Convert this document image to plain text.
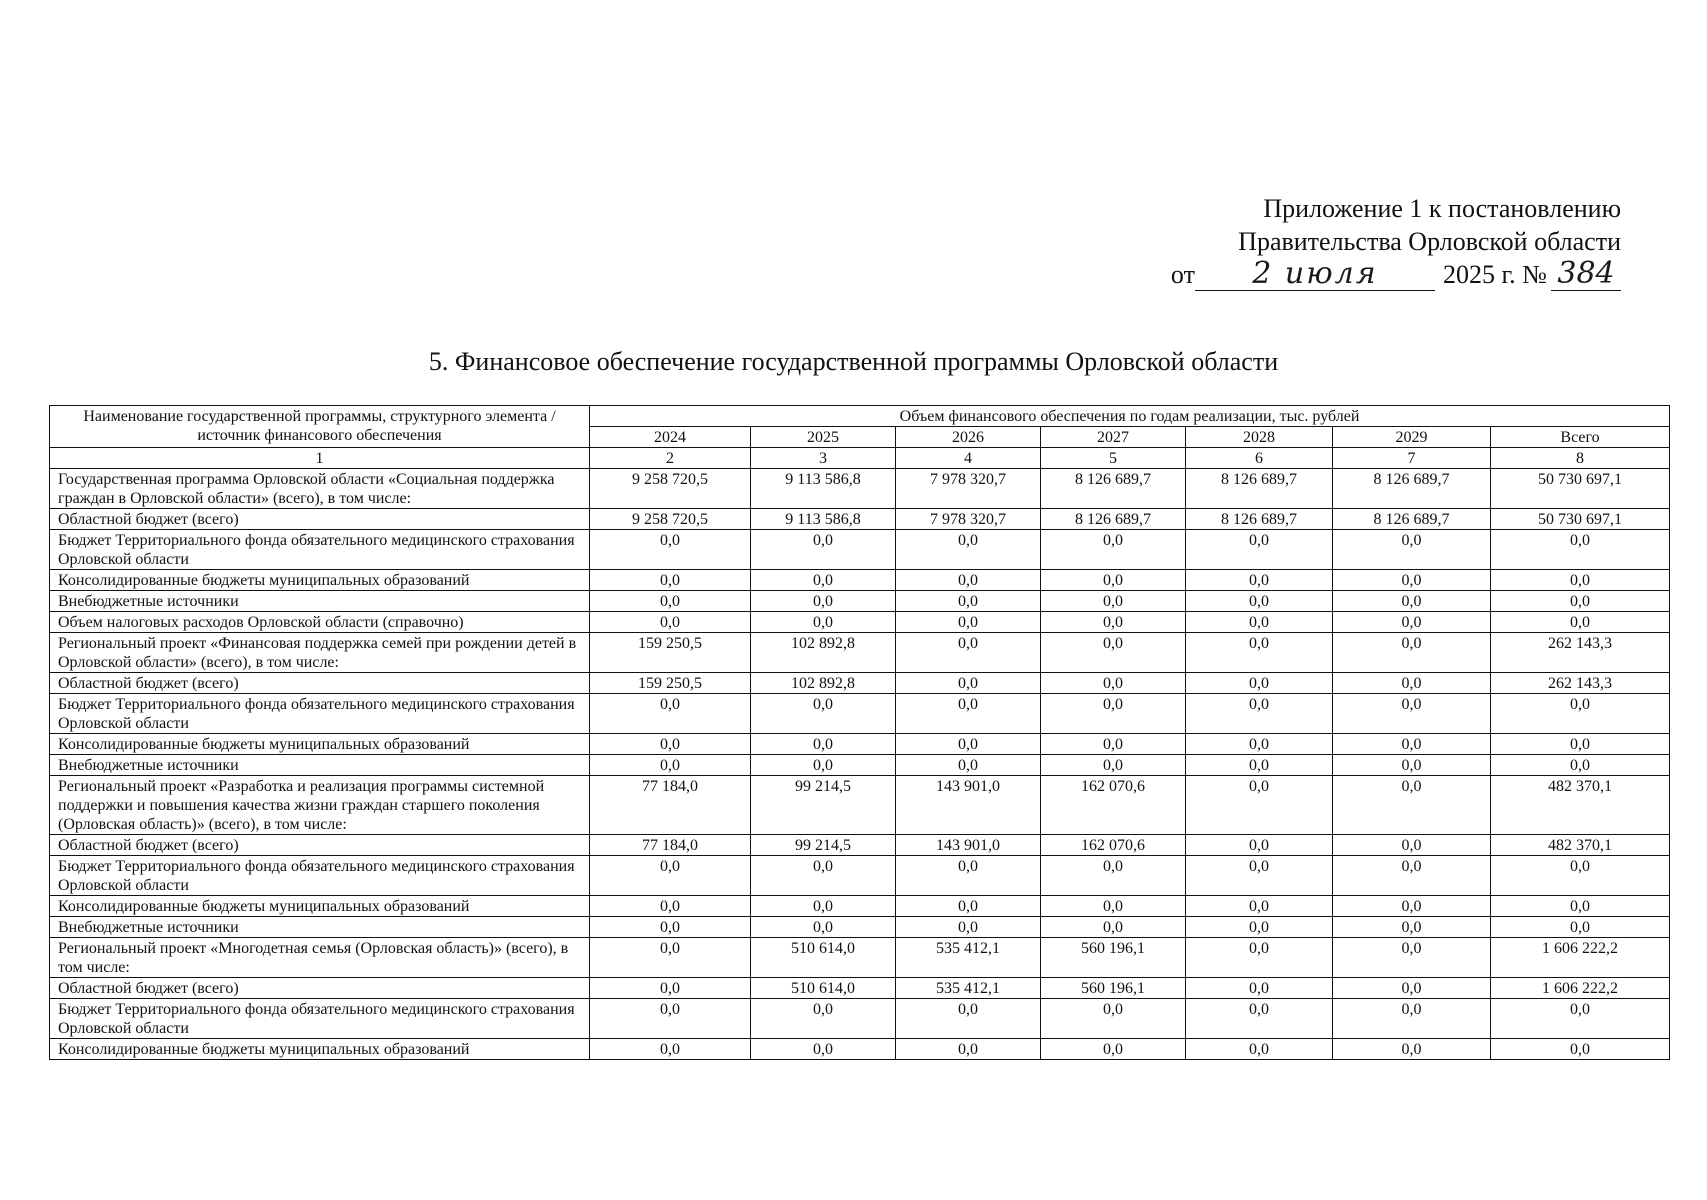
Приложение 1 к постановлению
Правительства Орловской области
от	2 июля	2025 г. № 384
5. Финансовое обеспечение государственной программы Орловской области
Наименование государственной программы, структурного элемента / источник финансового обеспечения	Объем финансового обеспечения по годам реализации, тыс. рублей						
	2024	2025	2026	2027	2028	2029	Всего
1	2	3	4	5	6	7	8
Государственная программа Орловской области «Социальная поддержка граждан в Орловской области» (всего), в том числе:	9 258 720,5	9 113 586,8	7 978 320,7	8 126 689,7	8 126 689,7	8 126 689,7	50 730 697,1
Областной бюджет (всего)	9 258 720,5	9 113 586,8	7 978 320,7	8 126 689,7	8 126 689,7	8 126 689,7	50 730 697,1
Бюджет Территориального фонда обязательного медицинского страхования Орловской области	0,0	0,0	0,0	0,0	0,0	0,0	0,0
Консолидированные бюджеты муниципальных образований	0,0	0,0	0,0	0,0	0,0	0,0	0,0
Внебюджетные источники	0,0	0,0	0,0	0,0	0,0	0,0	0,0
Объем налоговых расходов Орловской области (справочно)	0,0	0,0	0,0	0,0	0,0	0,0	0,0
Региональный проект «Финансовая поддержка семей при рождении детей в Орловской области» (всего), в том числе:	159 250,5	102 892,8	0,0	0,0	0,0	0,0	262 143,3
Областной бюджет (всего)	159 250,5	102 892,8	0,0	0,0	0,0	0,0	262 143,3
Бюджет Территориального фонда обязательного медицинского страхования Орловской области	0,0	0,0	0,0	0,0	0,0	0,0	0,0
Консолидированные бюджеты муниципальных образований	0,0	0,0	0,0	0,0	0,0	0,0	0,0
Внебюджетные источники	0,0	0,0	0,0	0,0	0,0	0,0	0,0
Региональный проект «Разработка и реализация программы системной поддержки и повышения качества жизни граждан старшего поколения (Орловская область)» (всего), в том числе:	77 184,0	99 214,5	143 901,0	162 070,6	0,0	0,0	482 370,1
Областной бюджет (всего)	77 184,0	99 214,5	143 901,0	162 070,6	0,0	0,0	482 370,1
Бюджет Территориального фонда обязательного медицинского страхования Орловской области	0,0	0,0	0,0	0,0	0,0	0,0	0,0
Консолидированные бюджеты муниципальных образований	0,0	0,0	0,0	0,0	0,0	0,0	0,0
Внебюджетные источники	0,0	0,0	0,0	0,0	0,0	0,0	0,0
Региональный проект «Многодетная семья (Орловская область)» (всего), в том числе:	0,0	510 614,0	535 412,1	560 196,1	0,0	0,0	1 606 222,2
Областной бюджет (всего)	0,0	510 614,0	535 412,1	560 196,1	0,0	0,0	1 606 222,2
Бюджет Территориального фонда обязательного медицинского страхования Орловской области	0,0	0,0	0,0	0,0	0,0	0,0	0,0
Консолидированные бюджеты муниципальных образований	0,0	0,0	0,0	0,0	0,0	0,0	0,0
